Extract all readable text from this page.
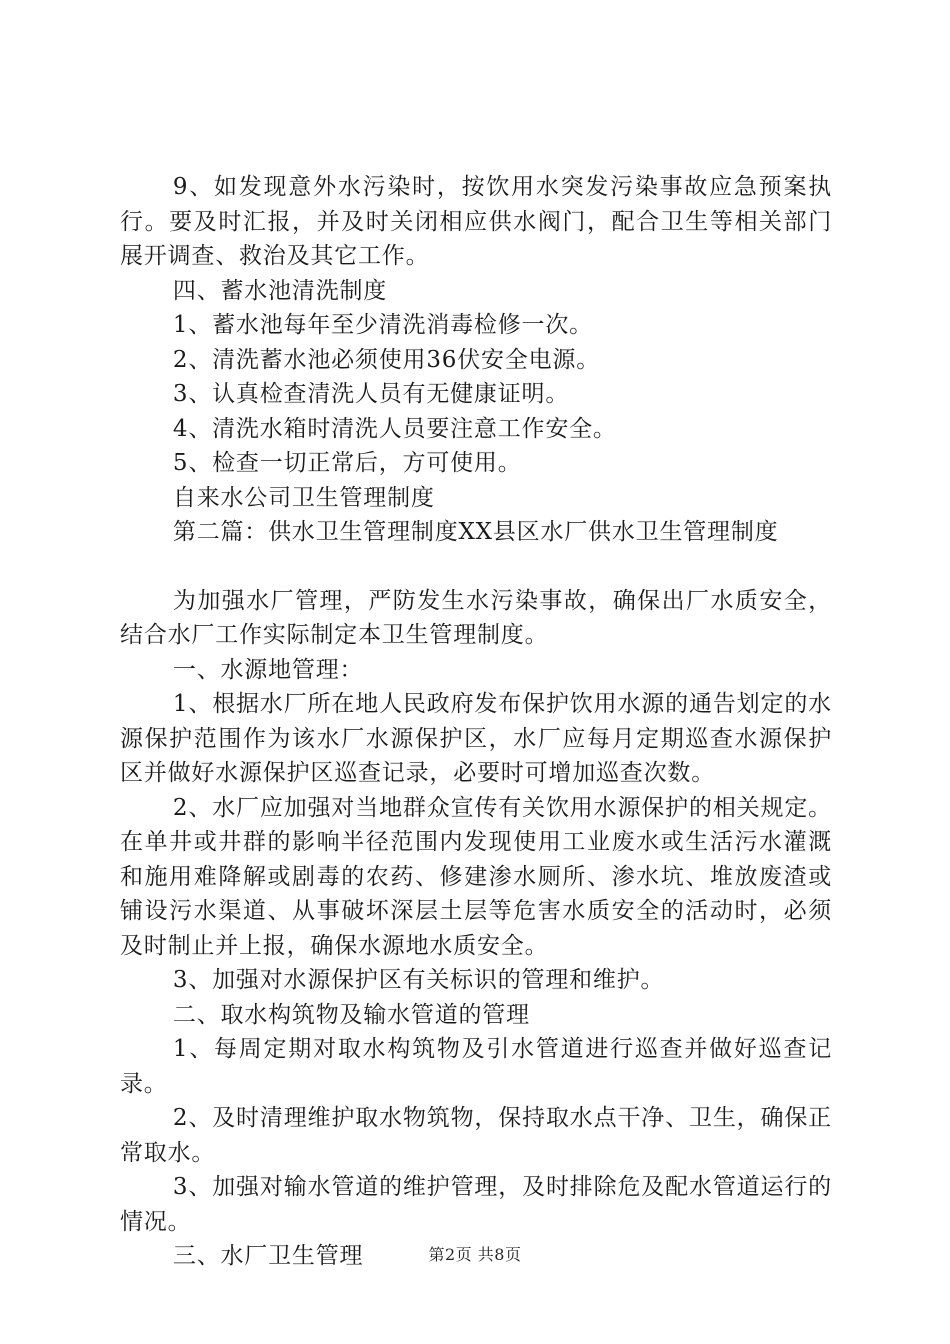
9、如发现意外水污染时，按饮用水突发污染事故应急预案执行。要及时汇报，并及时关闭相应供水阀门，配合卫生等相关部门展开调查、救治及其它工作。

四、蓄水池清洗制度

1、蓄水池每年至少清洗消毒检修一次。

2、清洗蓄水池必须使用36伏安全电源。

3、认真检查清洗人员有无健康证明。

4、清洗水箱时清洗人员要注意工作安全。

5、检查一切正常后，方可使用。

自来水公司卫生管理制度

第二篇：供水卫生管理制度XX县区水厂供水卫生管理制度

为加强水厂管理，严防发生水污染事故，确保出厂水质安全，结合水厂工作实际制定本卫生管理制度。

一、水源地管理：

1、根据水厂所在地人民政府发布保护饮用水源的通告划定的水源保护范围作为该水厂水源保护区，水厂应每月定期巡查水源保护区并做好水源保护区巡查记录，必要时可增加巡查次数。

2、水厂应加强对当地群众宣传有关饮用水源保护的相关规定。在单井或井群的影响半径范围内发现使用工业废水或生活污水灌溉和施用难降解或剧毒的农药、修建渗水厕所、渗水坑、堆放废渣或铺设污水渠道、从事破坏深层土层等危害水质安全的活动时，必须及时制止并上报，确保水源地水质安全。

3、加强对水源保护区有关标识的管理和维护。

二、取水构筑物及输水管道的管理

1、每周定期对取水构筑物及引水管道进行巡查并做好巡查记录。

2、及时清理维护取水物筑物，保持取水点干净、卫生，确保正常取水。

3、加强对输水管道的维护管理，及时排除危及配水管道运行的情况。

三、水厂卫生管理	第2页 共8页
